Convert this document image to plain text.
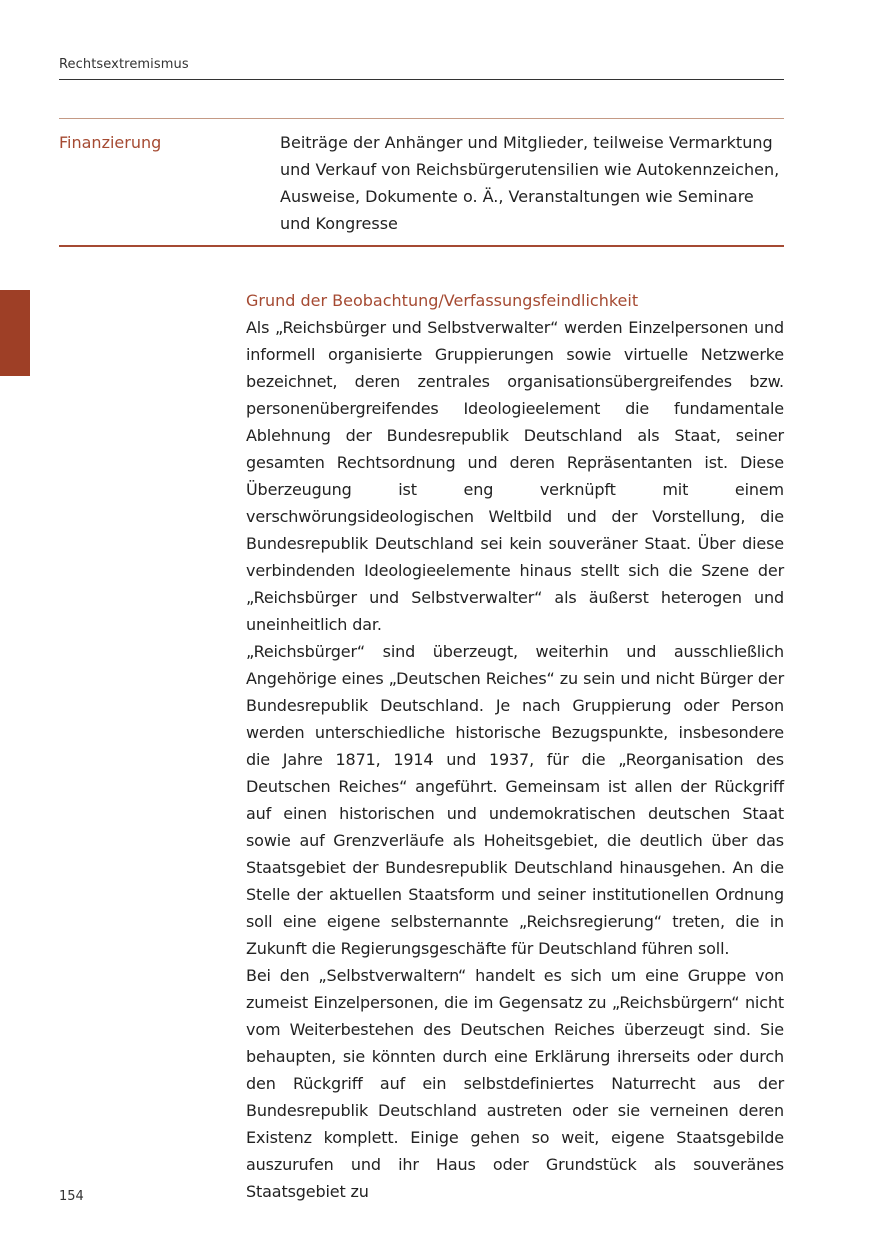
Rechtsextremismus
Finanzierung	Beiträge der Anhänger und Mitglieder, teilweise Vermarktung und Verkauf von Reichsbürgerutensilien wie Autokennzeichen, Ausweise, Dokumente o. Ä., Veranstaltungen wie Seminare und Kongresse
Grund der Beobachtung/Verfassungsfeindlichkeit

Als „Reichsbürger und Selbstverwalter“ werden Einzelpersonen und informell organisierte Gruppierungen sowie virtuelle Netzwerke bezeichnet, deren zentrales organisationsübergreifendes bzw. personenübergreifendes Ideologieelement die fundamentale Ablehnung der Bundesrepublik Deutschland als Staat, seiner gesamten Rechtsordnung und deren Repräsentanten ist. Diese Überzeugung ist eng verknüpft mit einem verschwörungsideologischen Weltbild und der Vorstellung, die Bundesrepublik Deutschland sei kein souveräner Staat. Über diese verbindenden Ideologieelemente hinaus stellt sich die Szene der „Reichsbürger und Selbstverwalter“ als äußerst heterogen und uneinheitlich dar.

„Reichsbürger“ sind überzeugt, weiterhin und ausschließlich Angehörige eines „Deutschen Reiches“ zu sein und nicht Bürger der Bundesrepublik Deutschland. Je nach Gruppierung oder Person werden unterschiedliche historische Bezugspunkte, insbesondere die Jahre 1871, 1914 und 1937, für die „Reorganisation des Deutschen Reiches“ angeführt. Gemeinsam ist allen der Rückgriff auf einen historischen und undemokratischen deutschen Staat sowie auf Grenzverläufe als Hoheitsgebiet, die deutlich über das Staatsgebiet der Bundesrepublik Deutschland hinausgehen. An die Stelle der aktuellen Staatsform und seiner institutionellen Ordnung soll eine eigene selbsternannte „Reichsregierung“ treten, die in Zukunft die Regierungsgeschäfte für Deutschland führen soll.

Bei den „Selbstverwaltern“ handelt es sich um eine Gruppe von zumeist Einzelpersonen, die im Gegensatz zu „Reichsbürgern“ nicht vom Weiterbestehen des Deutschen Reiches überzeugt sind. Sie behaupten, sie könnten durch eine Erklärung ihrerseits oder durch den Rückgriff auf ein selbstdefiniertes Naturrecht aus der Bundesrepublik Deutschland austreten oder sie verneinen deren Existenz komplett. Einige gehen so weit, eigene Staatsgebilde auszurufen und ihr Haus oder Grundstück als souveränes Staatsgebiet zu

154
